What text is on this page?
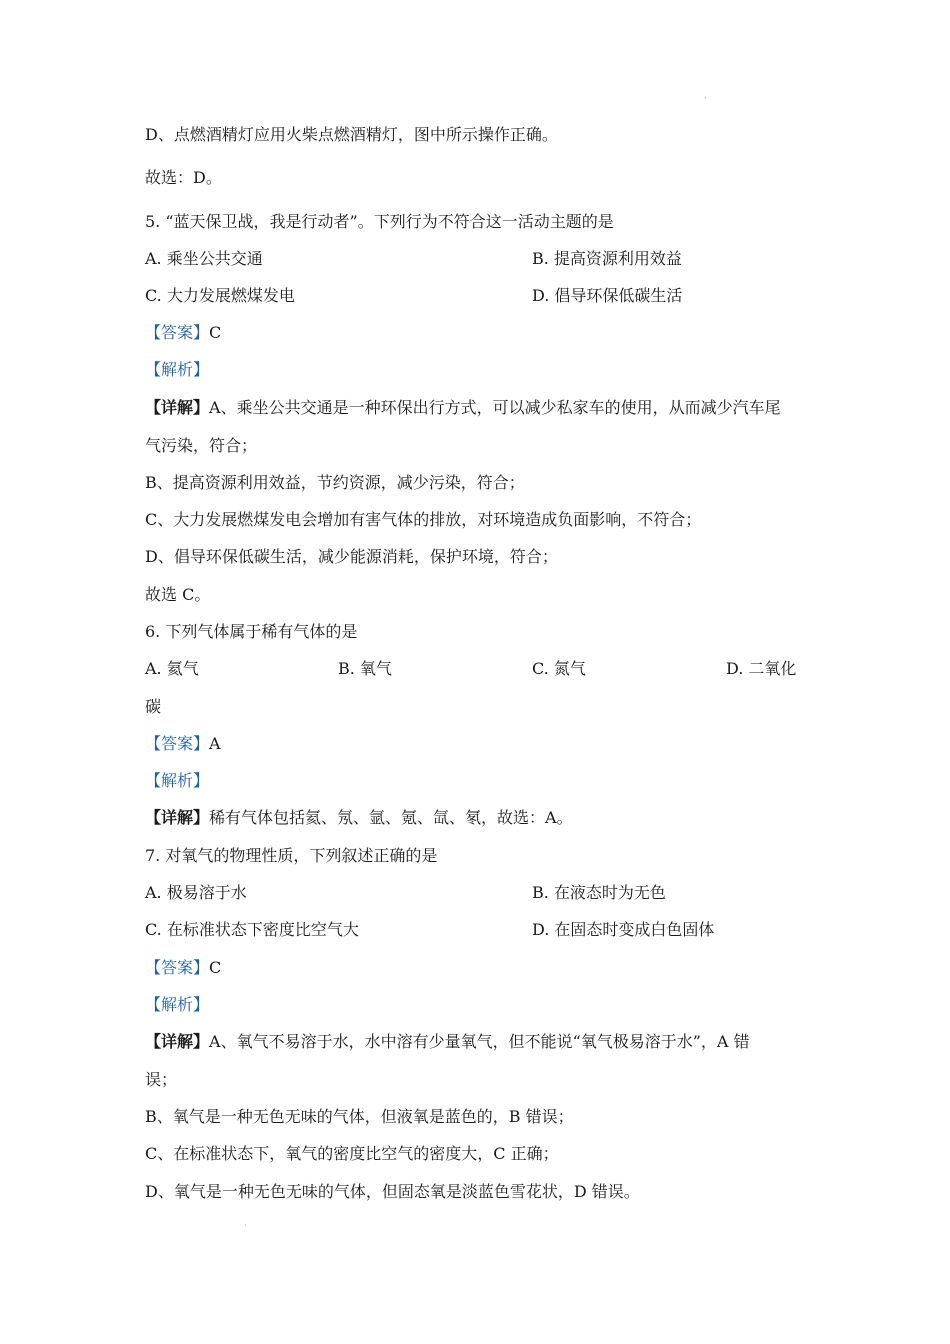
·
D、点燃酒精灯应用火柴点燃酒精灯，图中所示操作正确。
故选：D。
5. “蓝天保卫战，我是行动者”。下列行为不符合这一活动主题的是
A. 乘坐公共交通	B. 提高资源利用效益
C. 大力发展燃煤发电	D. 倡导环保低碳生活
【答案】C
【解析】
【详解】A、乘坐公共交通是一种环保出行方式，可以减少私家车的使用，从而减少汽车尾
气污染，符合；
B、提高资源利用效益，节约资源，减少污染，符合；
C、大力发展燃煤发电会增加有害气体的排放，对环境造成负面影响，不符合；
D、倡导环保低碳生活，减少能源消耗，保护环境，符合；
故选 C。
6. 下列气体属于稀有气体的是
A. 氦气	B. 氧气	C. 氮气	D. 二氧化
碳
【答案】A
【解析】
【详解】稀有气体包括氦、氖、氩、氪、氙、氡，故选：A。
7. 对氧气的物理性质，下列叙述正确的是
A. 极易溶于水	B. 在液态时为无色
C. 在标准状态下密度比空气大	D. 在固态时变成白色固体
【答案】C
【解析】
【详解】A、氧气不易溶于水，水中溶有少量氧气，但不能说“氧气极易溶于水”，A 错
误；
B、氧气是一种无色无味的气体，但液氧是蓝色的，B 错误；
C、在标准状态下，氧气的密度比空气的密度大，C 正确；
D、氧气是一种无色无味的气体，但固态氧是淡蓝色雪花状，D 错误。
·
